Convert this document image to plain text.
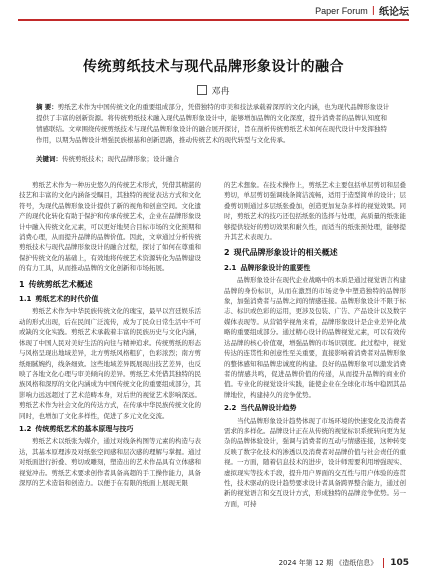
Paper Forum | 纸论坛
传统剪纸技术与现代品牌形象设计的融合
邓冉
摘 要：剪纸艺术作为中国传统文化的重要组成部分，凭借独特的审美和技法承载着深厚的文化内涵，也为现代品牌形象设计提供了丰富的创新资源。将传统剪纸技术融入现代品牌形象设计中，能够增加品牌的文化深度，提升消费者的品牌认知度和情感联结。文章围绕传统剪纸技术与现代品牌形象设计的融合展开探讨，旨在剖析传统剪纸艺术如何在现代设计中发挥独特作用，以期为品牌设计增强民族根基和创新思路，推动传统艺术的现代转型与文化传承。
关键词：传统剪纸技术；现代品牌形象；设计融合

剪纸艺术作为一种历史悠久的传统艺术形式，凭借其精湛的技艺和丰富的文化内涵备受瞩目，其独特的视觉表达方式和文化符号，为现代品牌形象设计提供了新的视角和创意空间。文化遗产的现代化转化有助于保护和传承传统艺术，企业在品牌形象设计中融入传统文化元素，可以更好地契合目标市场的文化预期和消费心理，从而提升品牌的品牌价值。因此，文章通过分析传统剪纸技术与现代品牌形象设计的融合过程，探讨了如何在尊重和保护传统文化的基础上，有效地将传统艺术资源转化为品牌建设的有力工具，从而推动品牌的文化创新和市场拓展。

1 传统剪纸艺术概述
1.1 剪纸艺术的时代价值

剪纸艺术作为中华民族传统文化的瑰宝，最早以宫廷娱乐活动的形式出现，后在民间广泛流传，成为了民众日常生活中不可或缺的文化实践。剪纸艺术承载着丰富的民族历史与文化内涵，体现了中国人民对美好生活的向往与精神追求。传统剪纸的形态与风格呈现出地域差异，北方剪纸风格粗犷，色彩浓烈；南方剪纸细腻婉约，线条细致。这些地域差异既展现出技艺差异，也反映了各地文化心理与审美倾向的差异。剪纸艺术凭借其独特的民族风格和深厚的文化内涵成为中国传统文化的重要组成部分，其影响力远远超过了艺术范畴本身，对后世的视觉艺术影响深远。剪纸艺术作为社会文化的传达方式，在传承中华民族传统文化的同时，也增加了文化多样性，促进了多元文化交流。

1.2 传统剪纸艺术的基本原理与技巧

剪纸艺术以纸张为媒介，通过对线条构图等元素的构造与表达，其基本原理涉及对纸张空间感和层次感的理解与掌握。通过对纸面进行折叠、剪切或雕刻，塑造出的艺术作品具有立体感和视觉冲击。剪纸艺术要求创作者具备高超的手工操作能力，具备深厚的艺术造诣和创造力。以便于在有限的纸面上展现无限

的艺术想象。在技术操作上，剪纸艺术主要包括单层剪切和层叠剪切，单层剪切强调线条简洁流畅，适用于造型简单的设计；层叠剪切则通过多层纸张叠加，创造更加复杂多样的视觉效果。同时，剪纸艺术的技巧还包括纸张的选择与处理，高质量的纸张能够提供较好的剪切效果和耐久性，而适当的纸张预处理，能够提升其艺术表现力。

2 现代品牌形象设计的相关概述
2.1 品牌形象设计的重要性

品牌形象设计在现代企业战略中的本质是通过视觉语言构建品牌的身份标识，从而在激烈的市场竞争中塑造独特的品牌形象，加强消费者与品牌之间的情感连接。品牌形象设计不限于标志、标识或色彩的运用，更涉及包装、广告、产品设计以及数字媒体表现等。从营销学视角来看，品牌形象设计是企业差异化战略的重要组成部分。通过精心设计的品牌视觉元素，可以有效传达品牌的核心价值观，增强品牌的市场识别度。此过程中，视觉传达的连贯性和创意性至关重要，直接影响着消费者对品牌形象的整体感知和品牌忠诚度的构建。良好的品牌形象可以激发消费者的情感共鸣，促进品牌价值的传递，从而提升品牌的商业价值。专业化的视觉设计实践，能使企业在全球化市场中稳固其品牌地位，构建持久的竞争优势。

2.2 当代品牌设计趋势

当代品牌形象设计趋势体现了市场环境的快速变化及消费者需求的多样化。品牌设计正在从传统的视觉标识系统转向更为复杂的品牌体验设计，强调与消费者的互动与情感连接，这种转变反映了数字化技术的渗透以及消费者对品牌价值与社会责任的重视。一方面，随着信息技术的进步，设计师需要利用增强现实、虚拟现实等技术手段，提升用户界面的交互性与用户体验的连贯性，技术驱动的设计趋势要求设计者具备跨界整合能力，通过创新的视觉语言和交互设计方式，形成独特的品牌竞争优势。另一方面，可持

2024 年第 12 期 《造纸信息》 105
